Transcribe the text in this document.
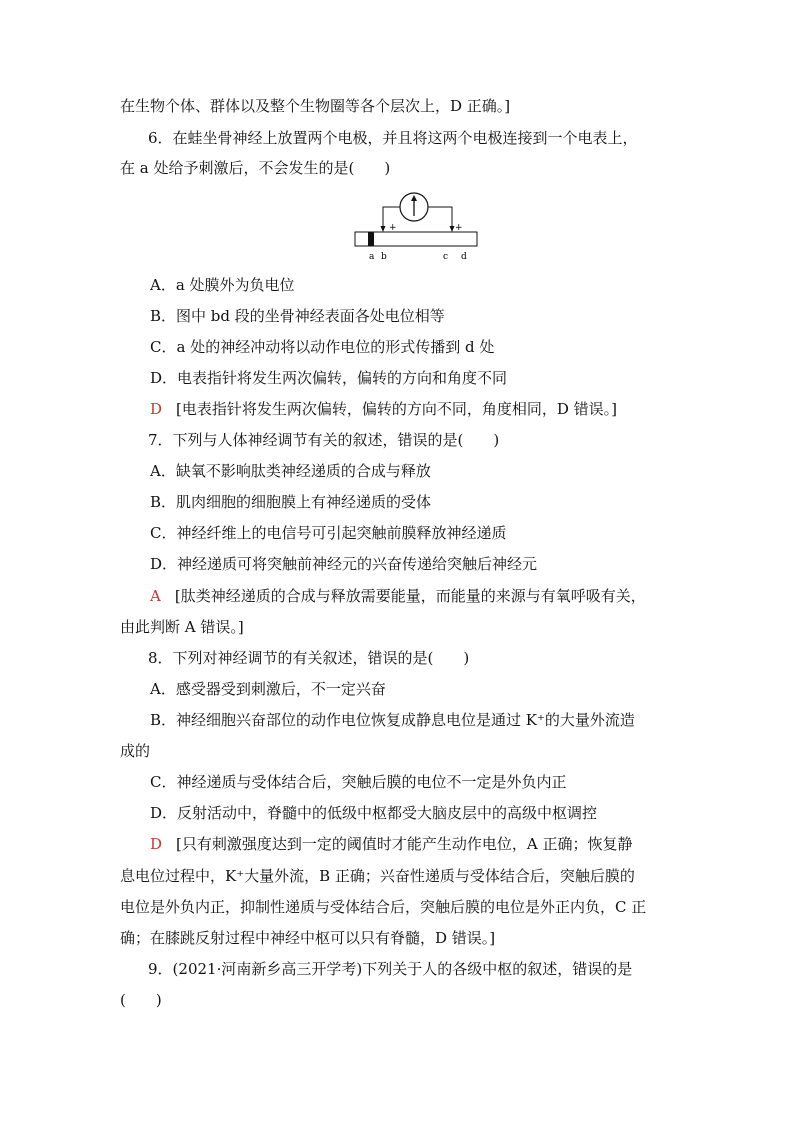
在生物个体、群体以及整个生物圈等各个层次上，D 正确。]
6．在蛙坐骨神经上放置两个电极，并且将这两个电极连接到一个电表上，
在 a 处给予刺激后，不会发生的是(　　)
+	+
a b	c d
A．a 处膜外为负电位
B．图中 bd 段的坐骨神经表面各处电位相等
C．a 处的神经冲动将以动作电位的形式传播到 d 处
D．电表指针将发生两次偏转，偏转的方向和角度不同
D [电表指针将发生两次偏转，偏转的方向不同，角度相同，D 错误。]
7．下列与人体神经调节有关的叙述，错误的是(　　)
A．缺氧不影响肽类神经递质的合成与释放
B．肌肉细胞的细胞膜上有神经递质的受体
C．神经纤维上的电信号可引起突触前膜释放神经递质
D．神经递质可将突触前神经元的兴奋传递给突触后神经元
A [肽类神经递质的合成与释放需要能量，而能量的来源与有氧呼吸有关，
由此判断 A 错误。]
8．下列对神经调节的有关叙述，错误的是(　　)
A．感受器受到刺激后，不一定兴奋
B．神经细胞兴奋部位的动作电位恢复成静息电位是通过 K⁺的大量外流造
成的
C．神经递质与受体结合后，突触后膜的电位不一定是外负内正
D．反射活动中，脊髓中的低级中枢都受大脑皮层中的高级中枢调控
D [只有刺激强度达到一定的阈值时才能产生动作电位，A 正确；恢复静
息电位过程中，K⁺大量外流，B 正确；兴奋性递质与受体结合后，突触后膜的
电位是外负内正，抑制性递质与受体结合后，突触后膜的电位是外正内负，C 正
确；在膝跳反射过程中神经中枢可以只有脊髓，D 错误。]
9．(2021·河南新乡高三开学考)下列关于人的各级中枢的叙述，错误的是
(　　)
